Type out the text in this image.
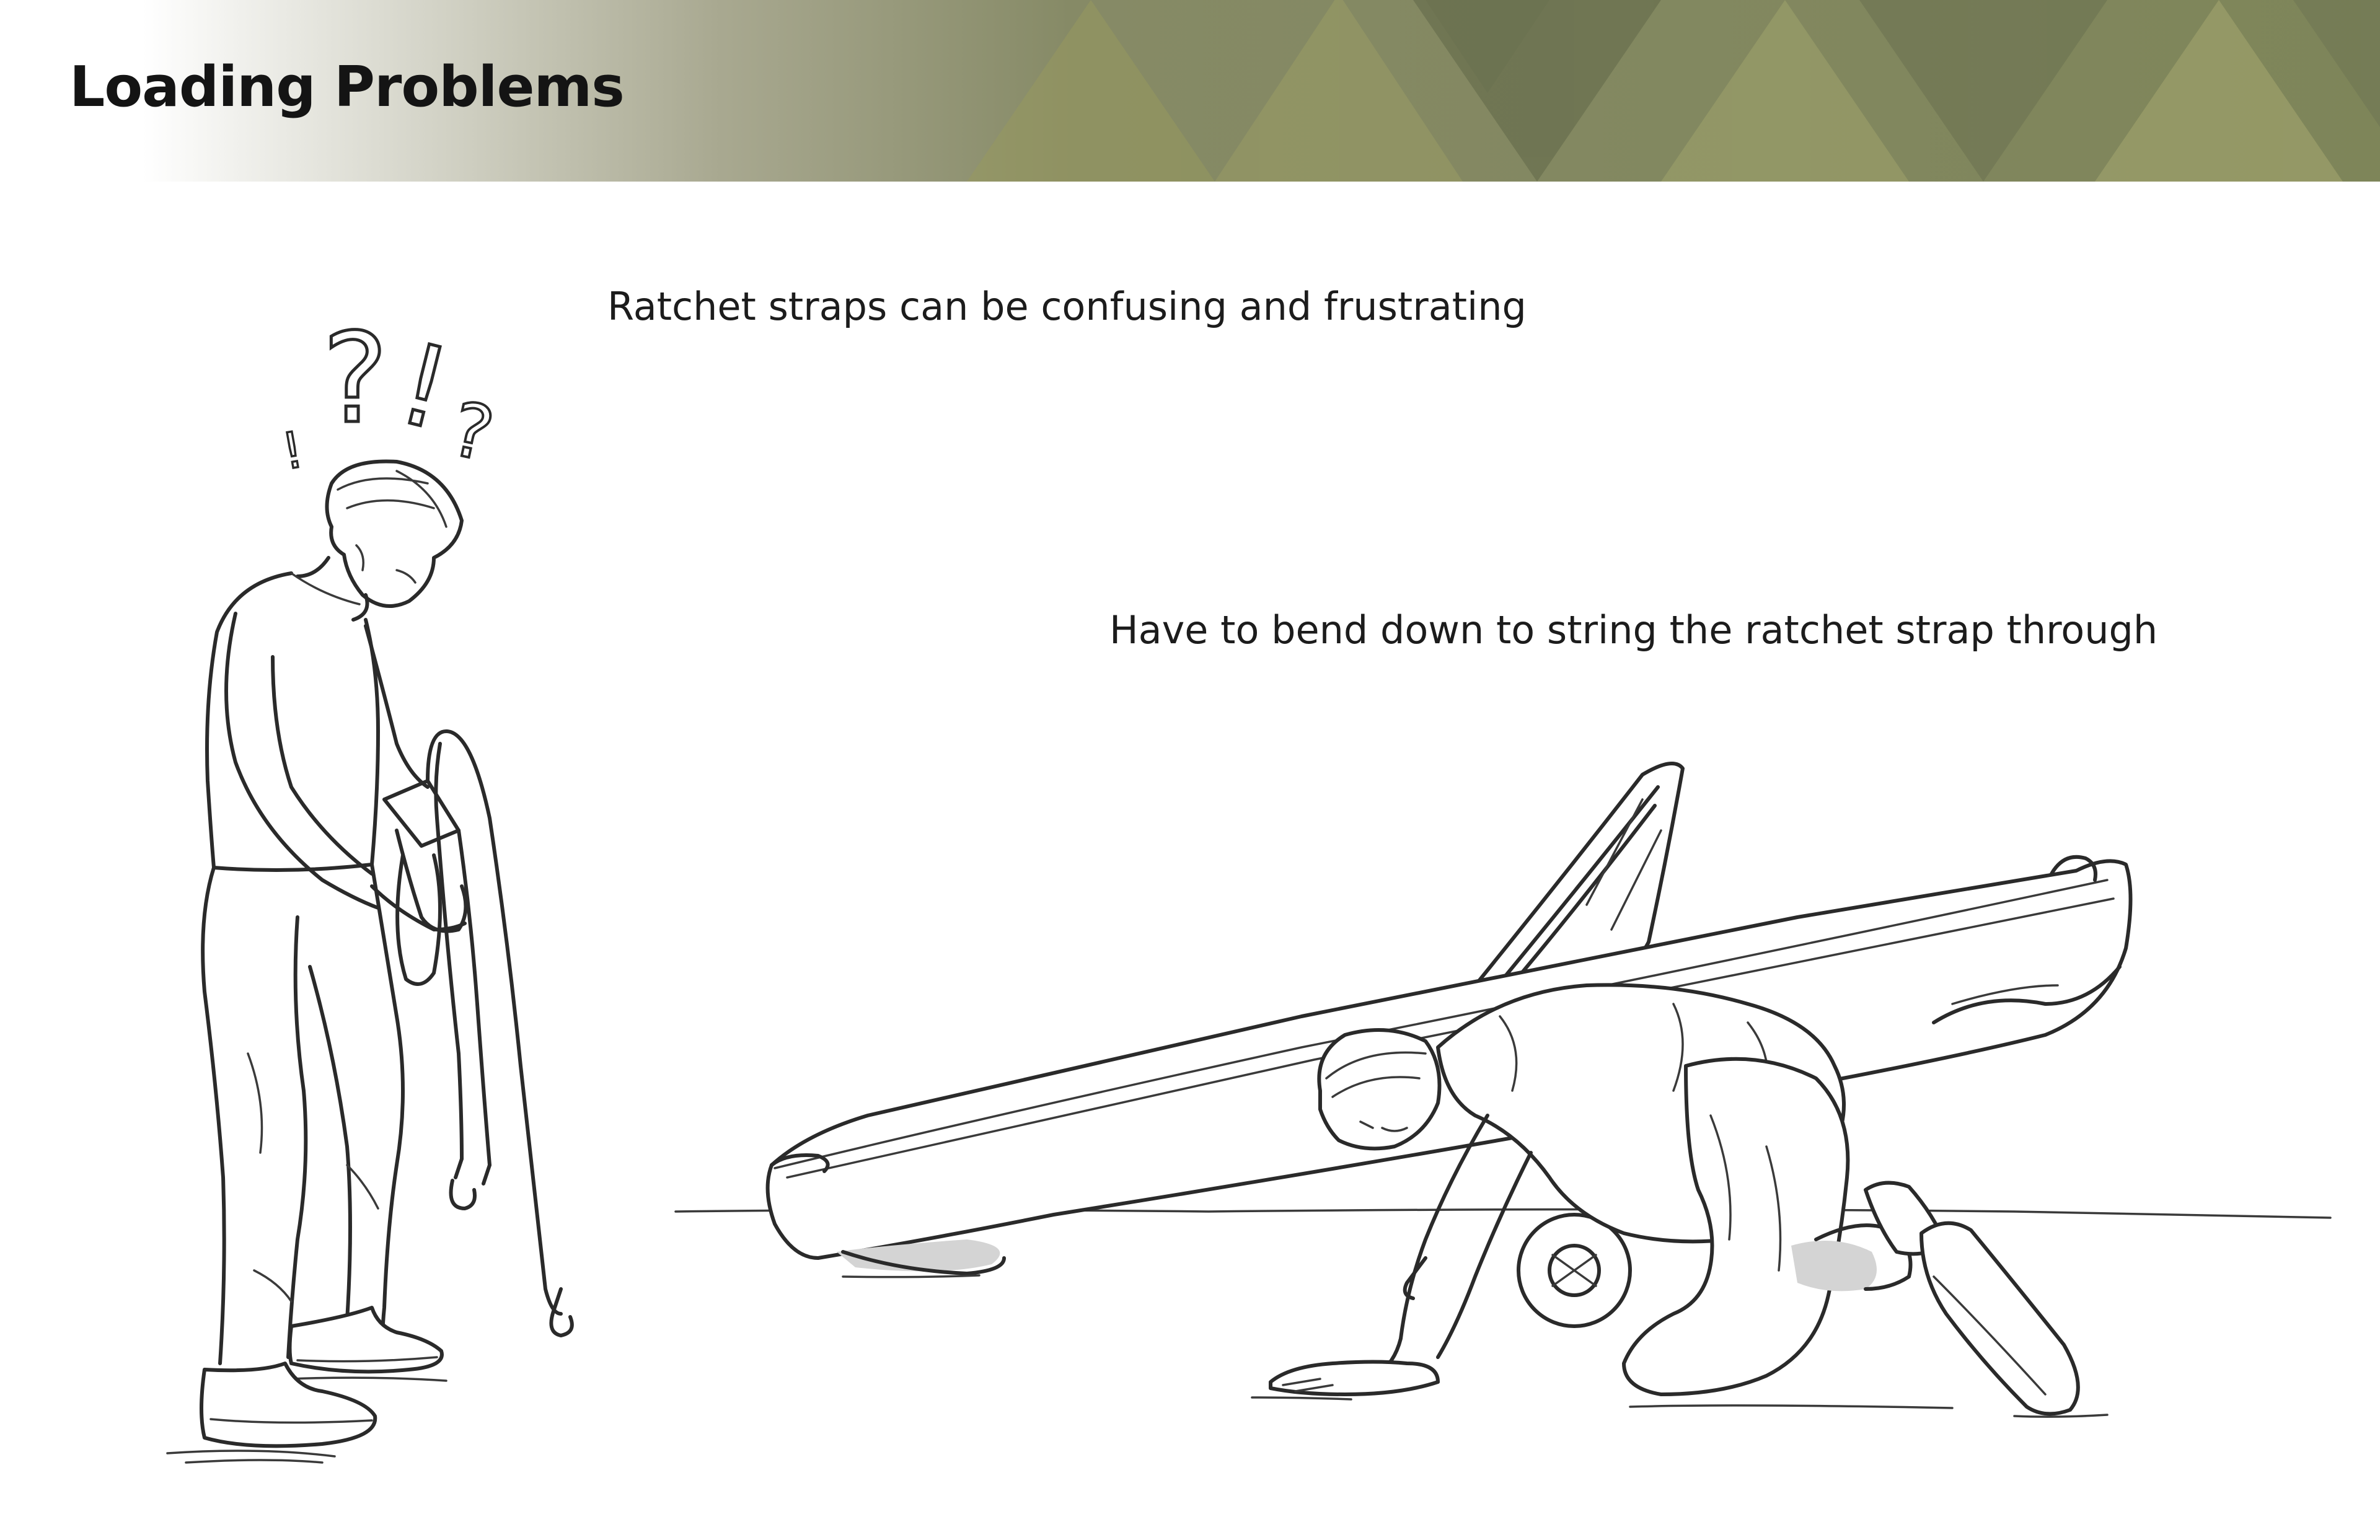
Loading Problems
Ratchet straps can be confusing and frustrating
Have to bend down to string the ratchet strap through
?
!
?
!
